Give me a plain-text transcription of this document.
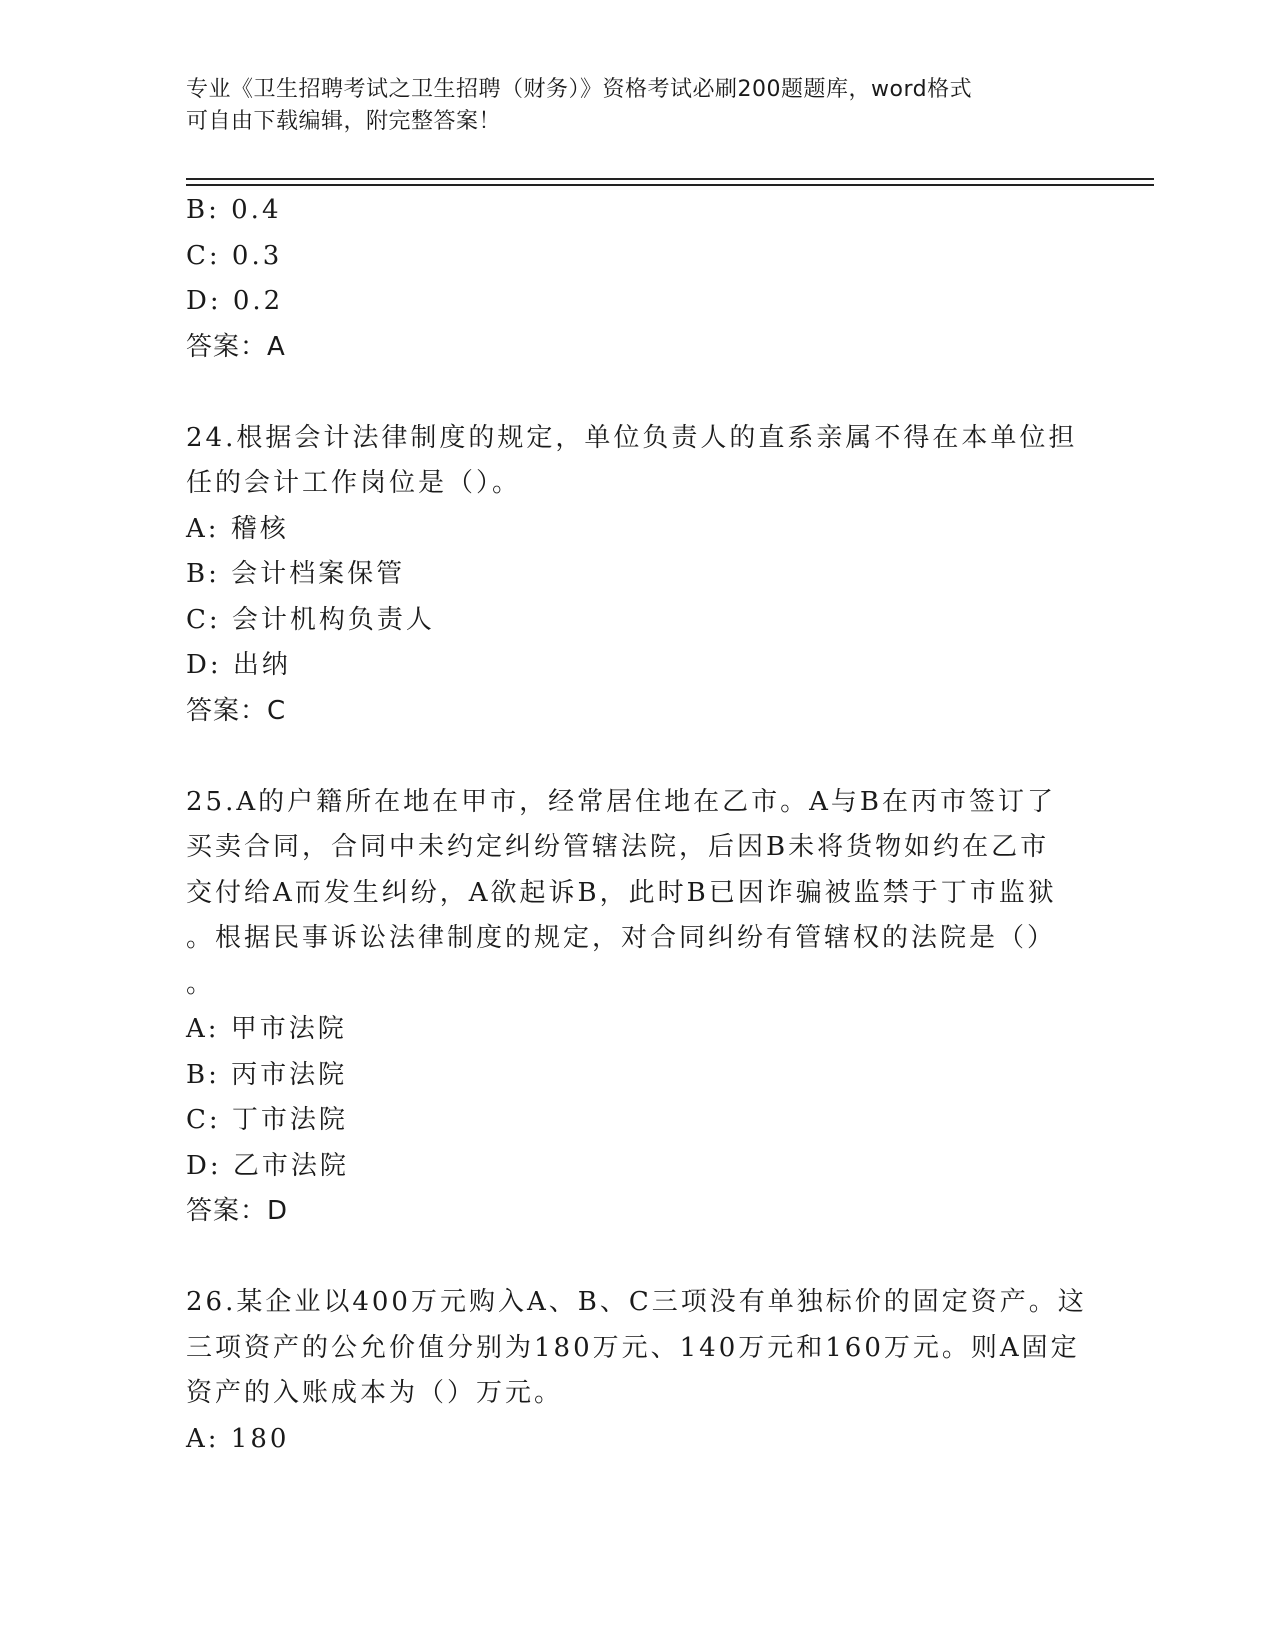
专业《卫生招聘考试之卫生招聘（财务）》资格考试必刷200题题库，word格式
可自由下载编辑，附完整答案！
B: 0.4
C: 0.3
D: 0.2
答案：A
24.根据会计法律制度的规定，单位负责人的直系亲属不得在本单位担
任的会计工作岗位是（）。
A: 稽核
B: 会计档案保管
C: 会计机构负责人
D: 出纳
答案：C
25.A的户籍所在地在甲市，经常居住地在乙市。A与B在丙市签订了
买卖合同，合同中未约定纠纷管辖法院，后因B未将货物如约在乙市
交付给A而发生纠纷，A欲起诉B，此时B已因诈骗被监禁于丁市监狱
。根据民事诉讼法律制度的规定，对合同纠纷有管辖权的法院是（）
。
A: 甲市法院
B: 丙市法院
C: 丁市法院
D: 乙市法院
答案：D
26.某企业以400万元购入A、B、C三项没有单独标价的固定资产。这
三项资产的公允价值分别为180万元、140万元和160万元。则A固定
资产的入账成本为（）万元。
A: 180
